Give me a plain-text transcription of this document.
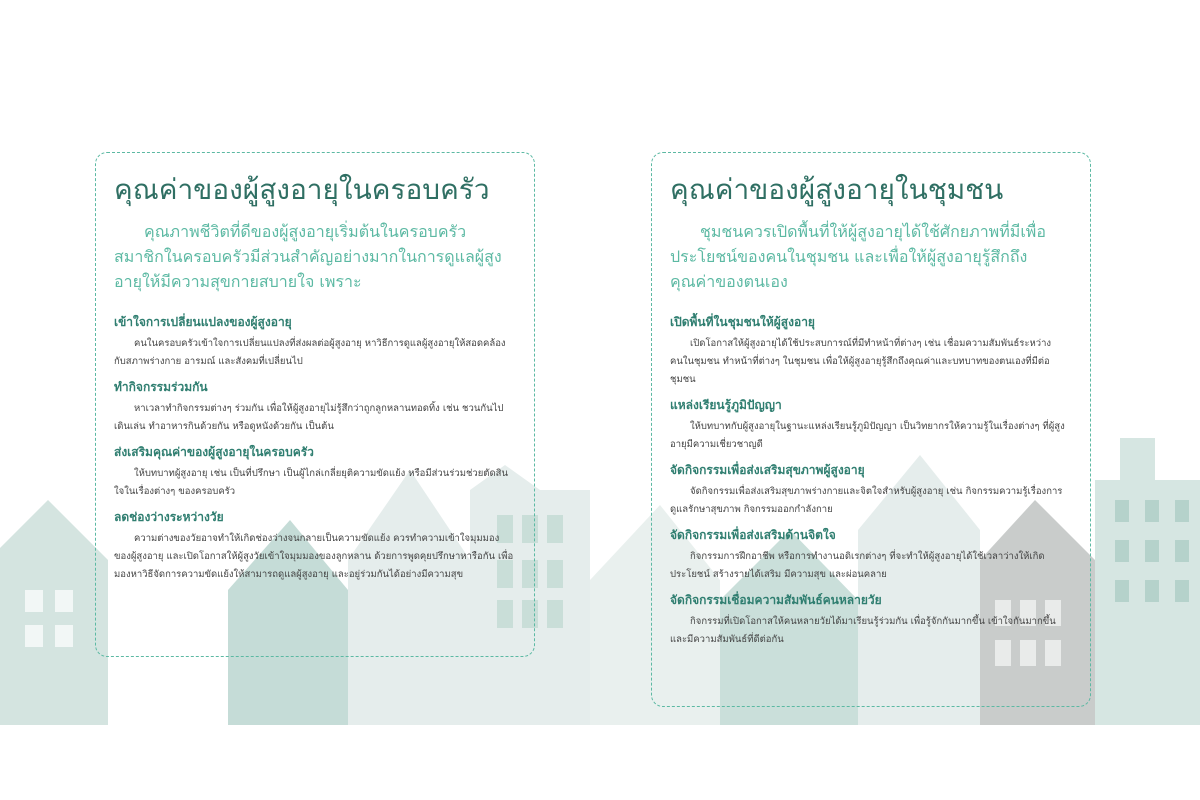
คุณค่าของผู้สูงอายุในครอบครัว

คุณภาพชีวิตที่ดีของผู้สูงอายุเริ่มต้นในครอบครัว สมาชิกในครอบครัวมีส่วนสำคัญอย่างมากในการดูแลผู้สูงอายุให้มีความสุขกายสบายใจ เพราะ

เข้าใจการเปลี่ยนแปลงของผู้สูงอายุ

คนในครอบครัวเข้าใจการเปลี่ยนแปลงที่ส่งผลต่อผู้สูงอายุ หาวิธีการดูแลผู้สูงอายุให้สอดคล้องกับสภาพร่างกาย อารมณ์ และสังคมที่เปลี่ยนไป

ทำกิจกรรมร่วมกัน

หาเวลาทำกิจกรรมต่างๆ ร่วมกัน เพื่อให้ผู้สูงอายุไม่รู้สึกว่าถูกลูกหลานทอดทิ้ง เช่น ชวนกันไปเดินเล่น ทำอาหารกินด้วยกัน หรือดูหนังด้วยกัน เป็นต้น

ส่งเสริมคุณค่าของผู้สูงอายุในครอบครัว

ให้บทบาทผู้สูงอายุ เช่น เป็นที่ปรึกษา เป็นผู้ไกล่เกลี่ยยุติความขัดแย้ง หรือมีส่วนร่วมช่วยตัดสินใจในเรื่องต่างๆ ของครอบครัว

ลดช่องว่างระหว่างวัย

ความต่างของวัยอาจทำให้เกิดช่องว่างจนกลายเป็นความขัดแย้ง ควรทำความเข้าใจมุมมองของผู้สูงอายุ และเปิดโอกาสให้ผู้สูงวัยเข้าใจมุมมองของลูกหลาน ด้วยการพูดคุยปรึกษาหารือกัน เพื่อมองหาวิธีจัดการความขัดแย้งให้สามารถดูแลผู้สูงอายุ และอยู่ร่วมกันได้อย่างมีความสุข

คุณค่าของผู้สูงอายุในชุมชน

ชุมชนควรเปิดพื้นที่ให้ผู้สูงอายุได้ใช้ศักยภาพที่มีเพื่อประโยชน์ของคนในชุมชน และเพื่อให้ผู้สูงอายุรู้สึกถึงคุณค่าของตนเอง

เปิดพื้นที่ในชุมชนให้ผู้สูงอายุ

เปิดโอกาสให้ผู้สูงอายุได้ใช้ประสบการณ์ที่มีทำหน้าที่ต่างๆ เช่น เชื่อมความสัมพันธ์ระหว่างคนในชุมชน ทำหน้าที่ต่างๆ ในชุมชน เพื่อให้ผู้สูงอายุรู้สึกถึงคุณค่าและบทบาทของตนเองที่มีต่อชุมชน

แหล่งเรียนรู้ภูมิปัญญา

ให้บทบาทกับผู้สูงอายุในฐานะแหล่งเรียนรู้ภูมิปัญญา เป็นวิทยากรให้ความรู้ในเรื่องต่างๆ ที่ผู้สูงอายุมีความเชี่ยวชาญดี

จัดกิจกรรมเพื่อส่งเสริมสุขภาพผู้สูงอายุ

จัดกิจกรรมเพื่อส่งเสริมสุขภาพร่างกายและจิตใจสำหรับผู้สูงอายุ เช่น กิจกรรมความรู้เรื่องการดูแลรักษาสุขภาพ กิจกรรมออกกำลังกาย

จัดกิจกรรมเพื่อส่งเสริมด้านจิตใจ

กิจกรรมการฝึกอาชีพ หรือการทำงานอดิเรกต่างๆ ที่จะทำให้ผู้สูงอายุได้ใช้เวลาว่างให้เกิดประโยชน์ สร้างรายได้เสริม มีความสุข และผ่อนคลาย

จัดกิจกรรมเชื่อมความสัมพันธ์คนหลายวัย

กิจกรรมที่เปิดโอกาสให้คนหลายวัยได้มาเรียนรู้ร่วมกัน เพื่อรู้จักกันมากขึ้น เข้าใจกันมากขึ้น และมีความสัมพันธ์ที่ดีต่อกัน
